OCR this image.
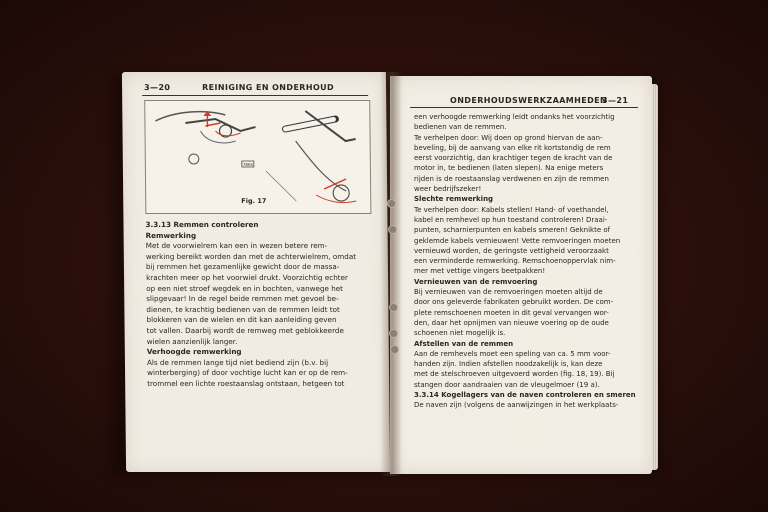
3—20	REINIGING EN ONDERHOUD
Fig. 17
7865
3.3.13 Remmen controleren
Remwerking
Met de voorwielrem kan een in wezen betere rem-
werking bereikt worden dan met de achterwielrem, omdat
bij remmen het gezamenlijke gewicht door de massa-
krachten meer op het voorwiel drukt. Voorzichtig echter
op een niet stroef wegdek en in bochten, vanwege het
slipgevaar! In de regel beide remmen met gevoel be-
dienen, te krachtig bedienen van de remmen leidt tot
blokkeren van de wielen en dit kan aanleiding geven
tot vallen. Daarbij wordt de remweg met geblokkeerde
wielen aanzienlijk langer.
Verhoogde remwerking
Als de remmen lange tijd niet bediend zijn (b.v. bij
winterberging) of door vochtige lucht kan er op de rem-
trommel een lichte roestaanslag ontstaan, hetgeen tot
ONDERHOUDSWERKZAAMHEDEN
3—21
een verhoogde remwerking leidt ondanks het voorzichtig
bedienen van de remmen.
Te verhelpen door: Wij doen op grond hiervan de aan-
beveling, bij de aanvang van elke rit kortstondig de rem
eerst voorzichtig, dan krachtiger tegen de kracht van de
motor in, te bedienen (laten slepen). Na enige meters
rijden is de roestaanslag verdwenen en zijn de remmen
weer bedrijfszeker!
Slechte remwerking
Te verhelpen door: Kabels stellen! Hand- of voethandel,
kabel en remhevel op hun toestand controleren! Draai-
punten, scharnierpunten en kabels smeren! Geknikte of
geklemde kabels vernieuwen! Vette remvoeringen moeten
vernieuwd worden, de geringste vettigheid veroorzaakt
een verminderde remwerking. Remschoenoppervlak nim-
mer met vettige vingers beetpakken!
Vernieuwen van de remvoering
Bij vernieuwen van de remvoeringen moeten altijd de
door ons geleverde fabrikaten gebruikt worden. De com-
plete remschoenen moeten in dit geval vervangen wor-
den, daar het opnijmen van nieuwe voering op de oude
schoenen niet mogelijk is.
Afstellen van de remmen
Aan de remhevels moet een speling van ca. 5 mm voor-
handen zijn. Indien afstellen noodzakelijk is, kan deze
met de stelschroeven uitgevoerd worden (fig. 18, 19). Bij
stangen door aandraaien van de vleugelmoer (19 a).
3.3.14 Kogellagers van de naven controleren en smeren
De naven zijn (volgens de aanwijzingen in het werkplaats-
